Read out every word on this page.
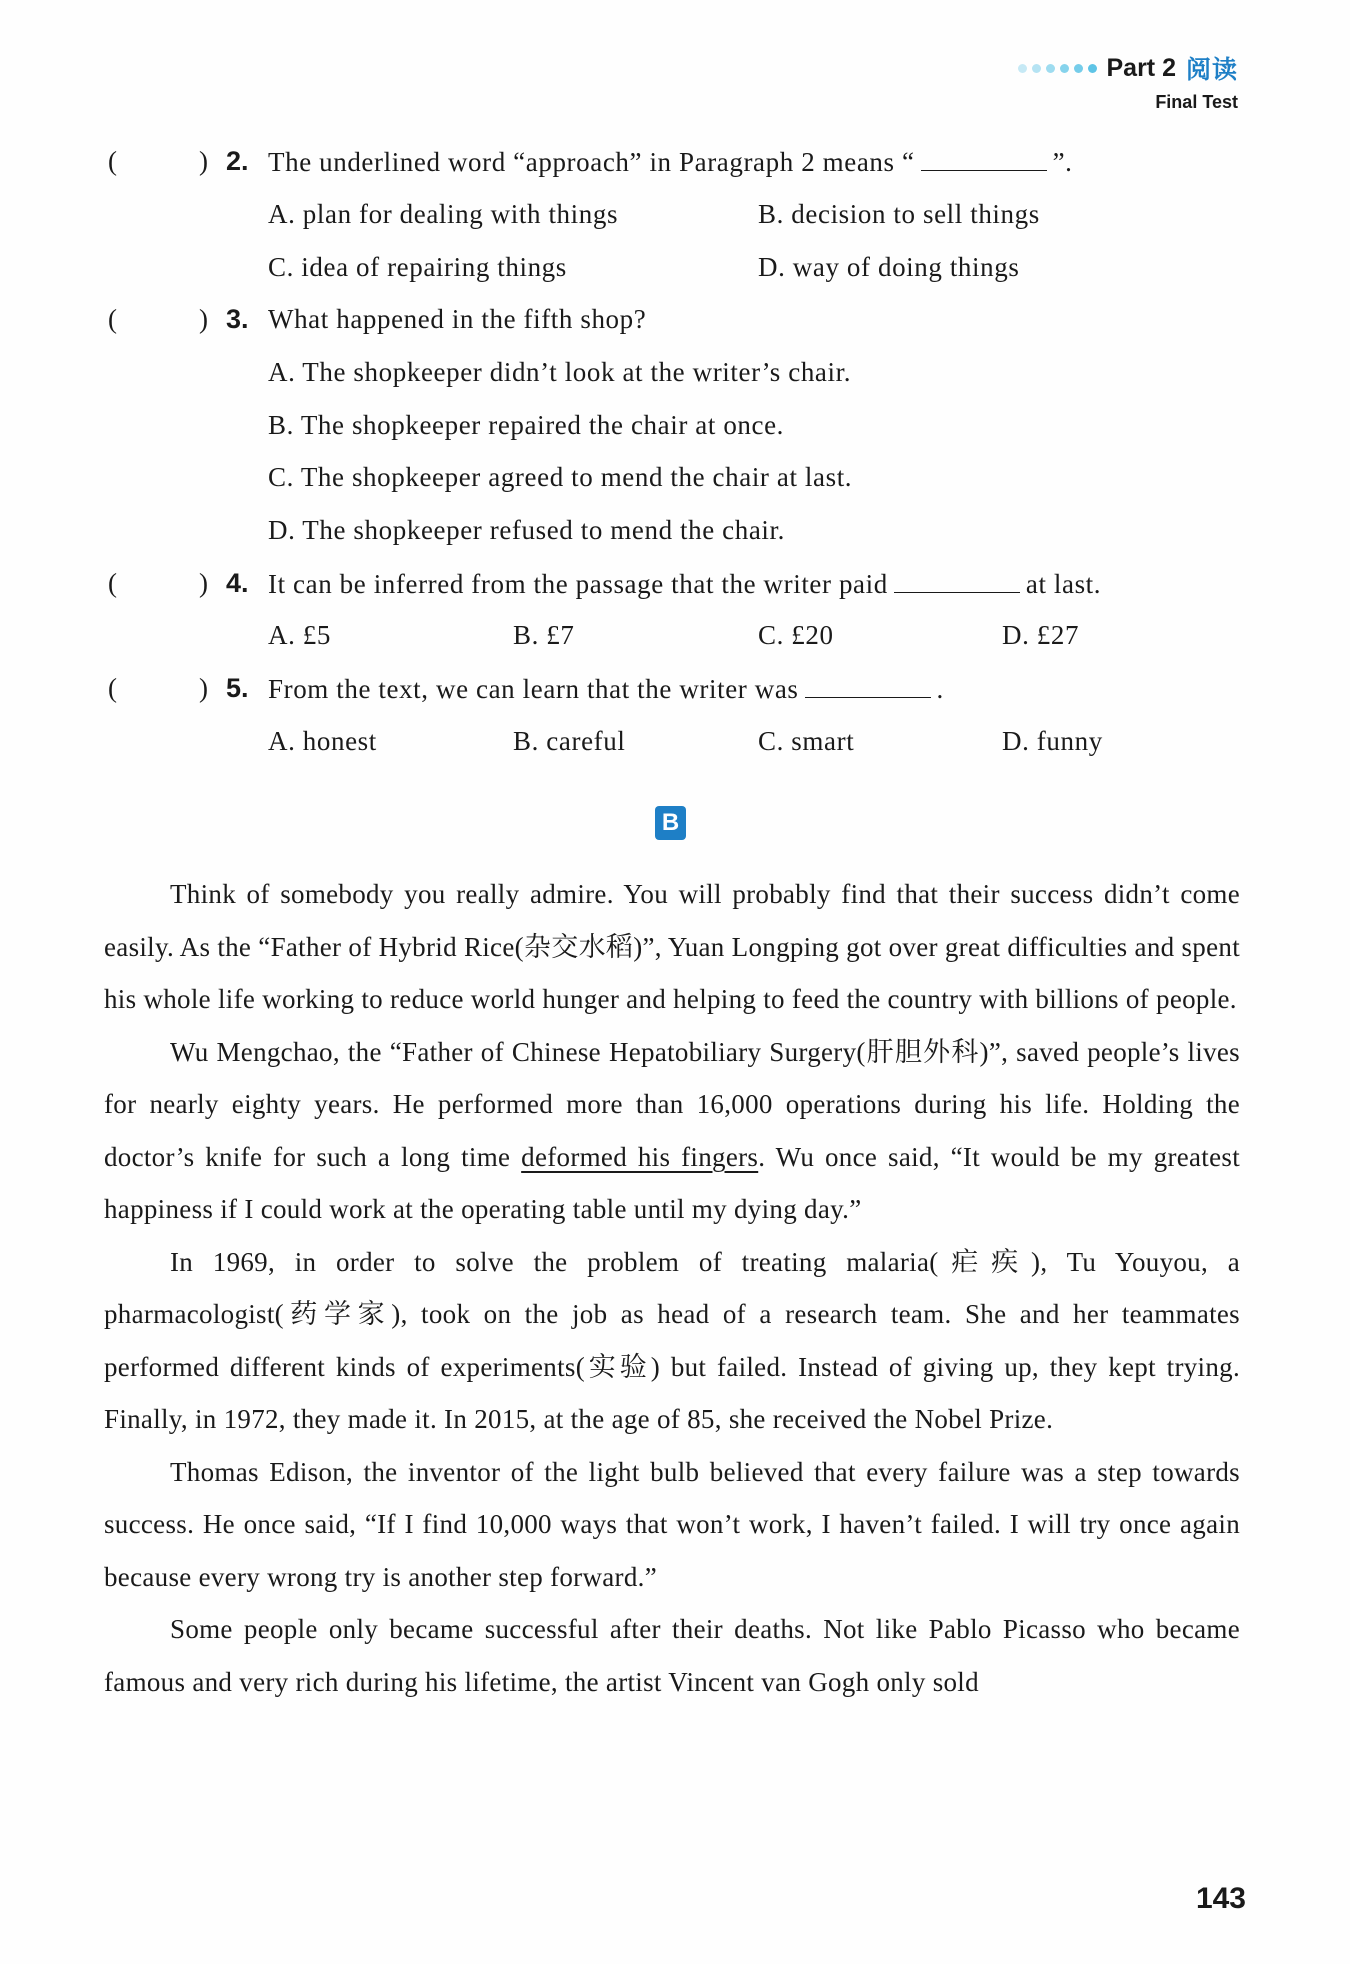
Part 2 阅读
Final Test
(	) 2. The underlined word “approach” in Paragraph 2 means “	”.
A. plan for dealing with things	B. decision to sell things
C. idea of repairing things	D. way of doing things
(	) 3. What happened in the fifth shop?
A. The shopkeeper didn’t look at the writer’s chair.
B. The shopkeeper repaired the chair at once.
C. The shopkeeper agreed to mend the chair at last.
D. The shopkeeper refused to mend the chair.
(	) 4. It can be inferred from the passage that the writer paid	at last.
A. £5	B. £7	C. £20	D. £27
(	) 5. From the text, we can learn that the writer was	.
A. honest	B. careful	C. smart	D. funny
B

Think of somebody you really admire. You will probably find that their success didn’t come easily. As the “Father of Hybrid Rice(杂交水稻)”, Yuan Longping got over great difficulties and spent his whole life working to reduce world hunger and helping to feed the country with billions of people.

Wu Mengchao, the “Father of Chinese Hepatobiliary Surgery(肝胆外科)”, saved people’s lives for nearly eighty years. He performed more than 16,000 operations during his life. Holding the doctor’s knife for such a long time deformed his fingers. Wu once said, “It would be my greatest happiness if I could work at the operating table until my dying day.”

In 1969, in order to solve the problem of treating malaria(疟疾), Tu Youyou, a pharmacologist(药学家), took on the job as head of a research team. She and her teammates performed different kinds of experiments(实验) but failed. Instead of giving up, they kept trying. Finally, in 1972, they made it. In 2015, at the age of 85, she received the Nobel Prize.

Thomas Edison, the inventor of the light bulb believed that every failure was a step towards success. He once said, “If I find 10,000 ways that won’t work, I haven’t failed. I will try once again because every wrong try is another step forward.”

Some people only became successful after their deaths. Not like Pablo Picasso who became famous and very rich during his lifetime, the artist Vincent van Gogh only sold

143
